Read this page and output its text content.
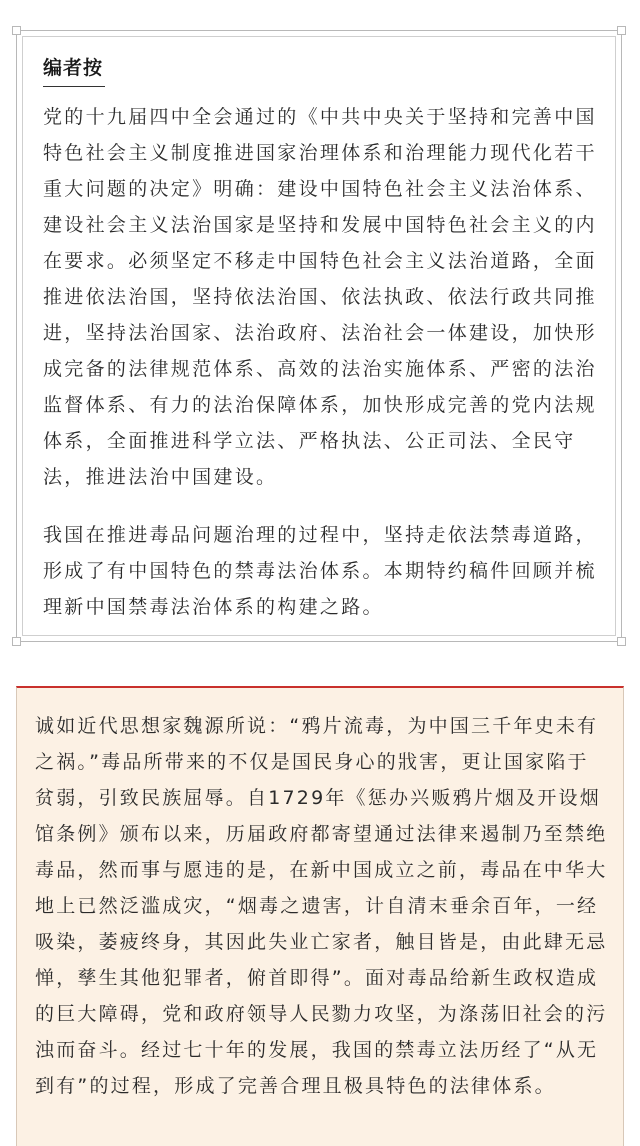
编者按

党的十九届四中全会通过的《中共中央关于坚持和完善中国特色社会主义制度推进国家治理体系和治理能力现代化若干重大问题的决定》明确：建设中国特色社会主义法治体系、建设社会主义法治国家是坚持和发展中国特色社会主义的内在要求。必须坚定不移走中国特色社会主义法治道路，全面推进依法治国，坚持依法治国、依法执政、依法行政共同推进，坚持法治国家、法治政府、法治社会一体建设，加快形成完备的法律规范体系、高效的法治实施体系、严密的法治监督体系、有力的法治保障体系，加快形成完善的党内法规体系，全面推进科学立法、严格执法、公正司法、全民守法，推进法治中国建设。

我国在推进毒品问题治理的过程中，坚持走依法禁毒道路，形成了有中国特色的禁毒法治体系。本期特约稿件回顾并梳理新中国禁毒法治体系的构建之路。

诚如近代思想家魏源所说：“鸦片流毒，为中国三千年史未有之祸。”毒品所带来的不仅是国民身心的戕害，更让国家陷于贫弱，引致民族屈辱。自1729年《惩办兴贩鸦片烟及开设烟馆条例》颁布以来，历届政府都寄望通过法律来遏制乃至禁绝毒品，然而事与愿违的是，在新中国成立之前，毒品在中华大地上已然泛滥成灾，“烟毒之遗害，计自清末垂余百年，一经吸染，萎疲终身，其因此失业亡家者，触目皆是，由此肆无忌惮，孳生其他犯罪者，俯首即得”。面对毒品给新生政权造成的巨大障碍，党和政府领导人民勠力攻坚，为涤荡旧社会的污浊而奋斗。经过七十年的发展，我国的禁毒立法历经了“从无到有”的过程，形成了完善合理且极具特色的法律体系。
